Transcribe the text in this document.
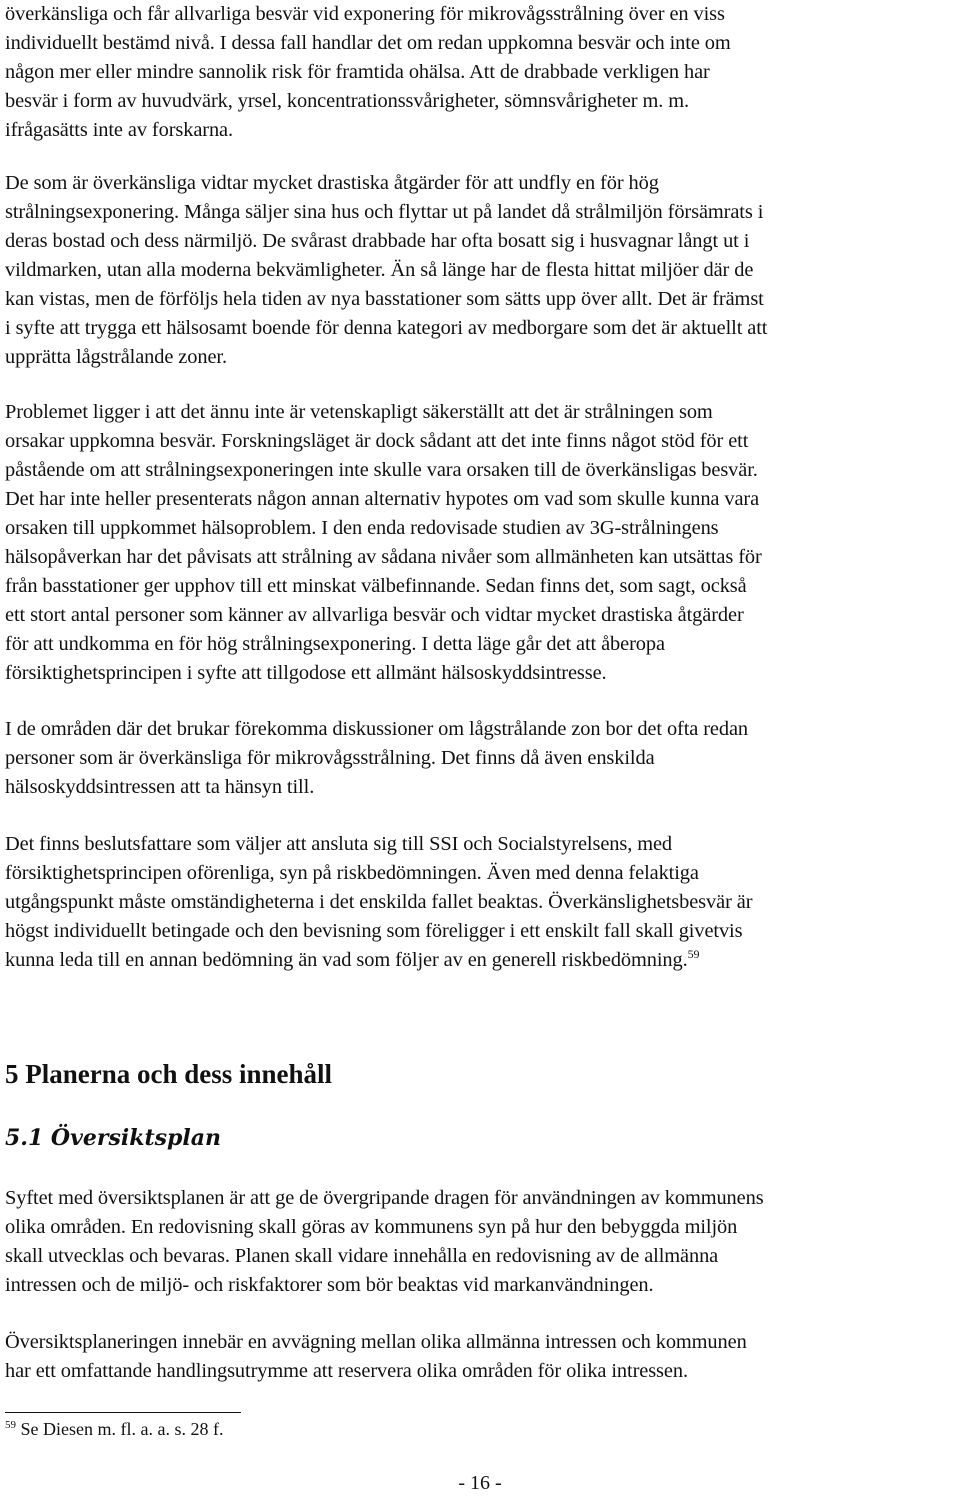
överkänsliga och får allvarliga besvär vid exponering för mikrovågsstrålning över en viss
individuellt bestämd nivå. I dessa fall handlar det om redan uppkomna besvär och inte om
någon mer eller mindre sannolik risk för framtida ohälsa. Att de drabbade verkligen har
besvär i form av huvudvärk, yrsel, koncentrationssvårigheter, sömnsvårigheter m. m.
ifrågasätts inte av forskarna.

De som är överkänsliga vidtar mycket drastiska åtgärder för att undfly en för hög
strålningsexponering. Många säljer sina hus och flyttar ut på landet då strålmiljön försämrats i
deras bostad och dess närmiljö. De svårast drabbade har ofta bosatt sig i husvagnar långt ut i
vildmarken, utan alla moderna bekvämligheter. Än så länge har de flesta hittat miljöer där de
kan vistas, men de förföljs hela tiden av nya basstationer som sätts upp över allt. Det är främst
i syfte att trygga ett hälsosamt boende för denna kategori av medborgare som det är aktuellt att
upprätta lågstrålande zoner.

Problemet ligger i att det ännu inte är vetenskapligt säkerställt att det är strålningen som
orsakar uppkomna besvär. Forskningsläget är dock sådant att det inte finns något stöd för ett
påstående om att strålningsexponeringen inte skulle vara orsaken till de överkänsligas besvär.
Det har inte heller presenterats någon annan alternativ hypotes om vad som skulle kunna vara
orsaken till uppkommet hälsoproblem. I den enda redovisade studien av 3G-strålningens
hälsopåverkan har det påvisats att strålning av sådana nivåer som allmänheten kan utsättas för
från basstationer ger upphov till ett minskat välbefinnande. Sedan finns det, som sagt, också
ett stort antal personer som känner av allvarliga besvär och vidtar mycket drastiska åtgärder
för att undkomma en för hög strålningsexponering. I detta läge går det att åberopa
försiktighetsprincipen i syfte att tillgodose ett allmänt hälsoskyddsintresse.

I de områden där det brukar förekomma diskussioner om lågstrålande zon bor det ofta redan
personer som är överkänsliga för mikrovågsstrålning. Det finns då även enskilda
hälsoskyddsintressen att ta hänsyn till.

Det finns beslutsfattare som väljer att ansluta sig till SSI och Socialstyrelsens, med
försiktighetsprincipen oförenliga, syn på riskbedömningen. Även med denna felaktiga
utgångspunkt måste omständigheterna i det enskilda fallet beaktas. Överkänslighetsbesvär är
högst individuellt betingade och den bevisning som föreligger i ett enskilt fall skall givetvis
kunna leda till en annan bedömning än vad som följer av en generell riskbedömning.$^{59}$

5 Planerna och dess innehåll
5.1 Översiktsplan

Syftet med översiktsplanen är att ge de övergripande dragen för användningen av kommunens
olika områden. En redovisning skall göras av kommunens syn på hur den bebyggda miljön
skall utvecklas och bevaras. Planen skall vidare innehålla en redovisning av de allmänna
intressen och de miljö- och riskfaktorer som bör beaktas vid markanvändningen.

Översiktsplaneringen innebär en avvägning mellan olika allmänna intressen och kommunen
har ett omfattande handlingsutrymme att reservera olika områden för olika intressen.

$^{59}$ Se Diesen m. fl. a. a. s. 28 f.

- 16 -
